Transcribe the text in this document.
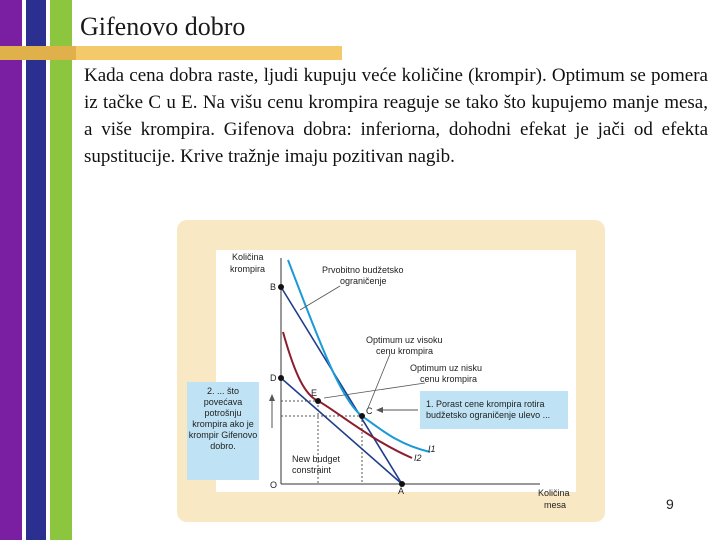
Gifenovo dobro
Kada cena dobra raste, ljudi kupuju veće količine (krompir). Optimum se pomera iz tačke C u E. Na višu cenu krompira reaguje se tako što kupujemo manje mesa, a više krompira. Gifenova dobra: inferiorna, dohodni efekat je jači od efekta supstitucije. Krive tražnje imaju pozitivan nagib.
Količina
krompira
Količina
mesa
O
A
B
D
E
C
I1
I2
Prvobitno budžetsko
ograničenje
Optimum uz visoku
cenu krompira
Optimum uz nisku
cenu krompira
New budget
constraint
1. Porast cene krompira rotira budžetsko ograničenje ulevo ...
2. ... što povećava potrošnju krompira ako je krompir Gifenovo dobro.
9
